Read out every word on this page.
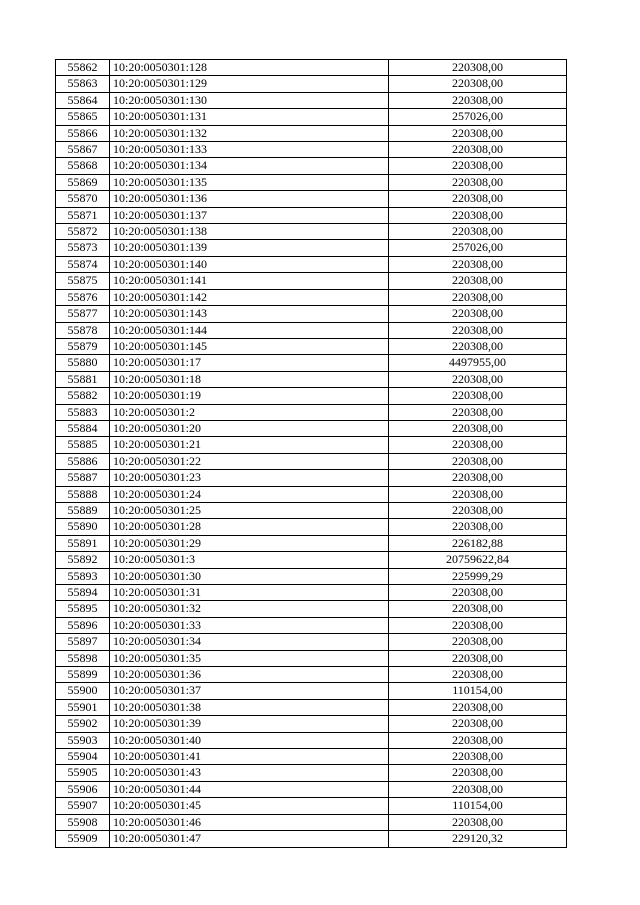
55862	10:20:0050301:128	220308,00
55863	10:20:0050301:129	220308,00
55864	10:20:0050301:130	220308,00
55865	10:20:0050301:131	257026,00
55866	10:20:0050301:132	220308,00
55867	10:20:0050301:133	220308,00
55868	10:20:0050301:134	220308,00
55869	10:20:0050301:135	220308,00
55870	10:20:0050301:136	220308,00
55871	10:20:0050301:137	220308,00
55872	10:20:0050301:138	220308,00
55873	10:20:0050301:139	257026,00
55874	10:20:0050301:140	220308,00
55875	10:20:0050301:141	220308,00
55876	10:20:0050301:142	220308,00
55877	10:20:0050301:143	220308,00
55878	10:20:0050301:144	220308,00
55879	10:20:0050301:145	220308,00
55880	10:20:0050301:17	4497955,00
55881	10:20:0050301:18	220308,00
55882	10:20:0050301:19	220308,00
55883	10:20:0050301:2	220308,00
55884	10:20:0050301:20	220308,00
55885	10:20:0050301:21	220308,00
55886	10:20:0050301:22	220308,00
55887	10:20:0050301:23	220308,00
55888	10:20:0050301:24	220308,00
55889	10:20:0050301:25	220308,00
55890	10:20:0050301:28	220308,00
55891	10:20:0050301:29	226182,88
55892	10:20:0050301:3	20759622,84
55893	10:20:0050301:30	225999,29
55894	10:20:0050301:31	220308,00
55895	10:20:0050301:32	220308,00
55896	10:20:0050301:33	220308,00
55897	10:20:0050301:34	220308,00
55898	10:20:0050301:35	220308,00
55899	10:20:0050301:36	220308,00
55900	10:20:0050301:37	110154,00
55901	10:20:0050301:38	220308,00
55902	10:20:0050301:39	220308,00
55903	10:20:0050301:40	220308,00
55904	10:20:0050301:41	220308,00
55905	10:20:0050301:43	220308,00
55906	10:20:0050301:44	220308,00
55907	10:20:0050301:45	110154,00
55908	10:20:0050301:46	220308,00
55909	10:20:0050301:47	229120,32
